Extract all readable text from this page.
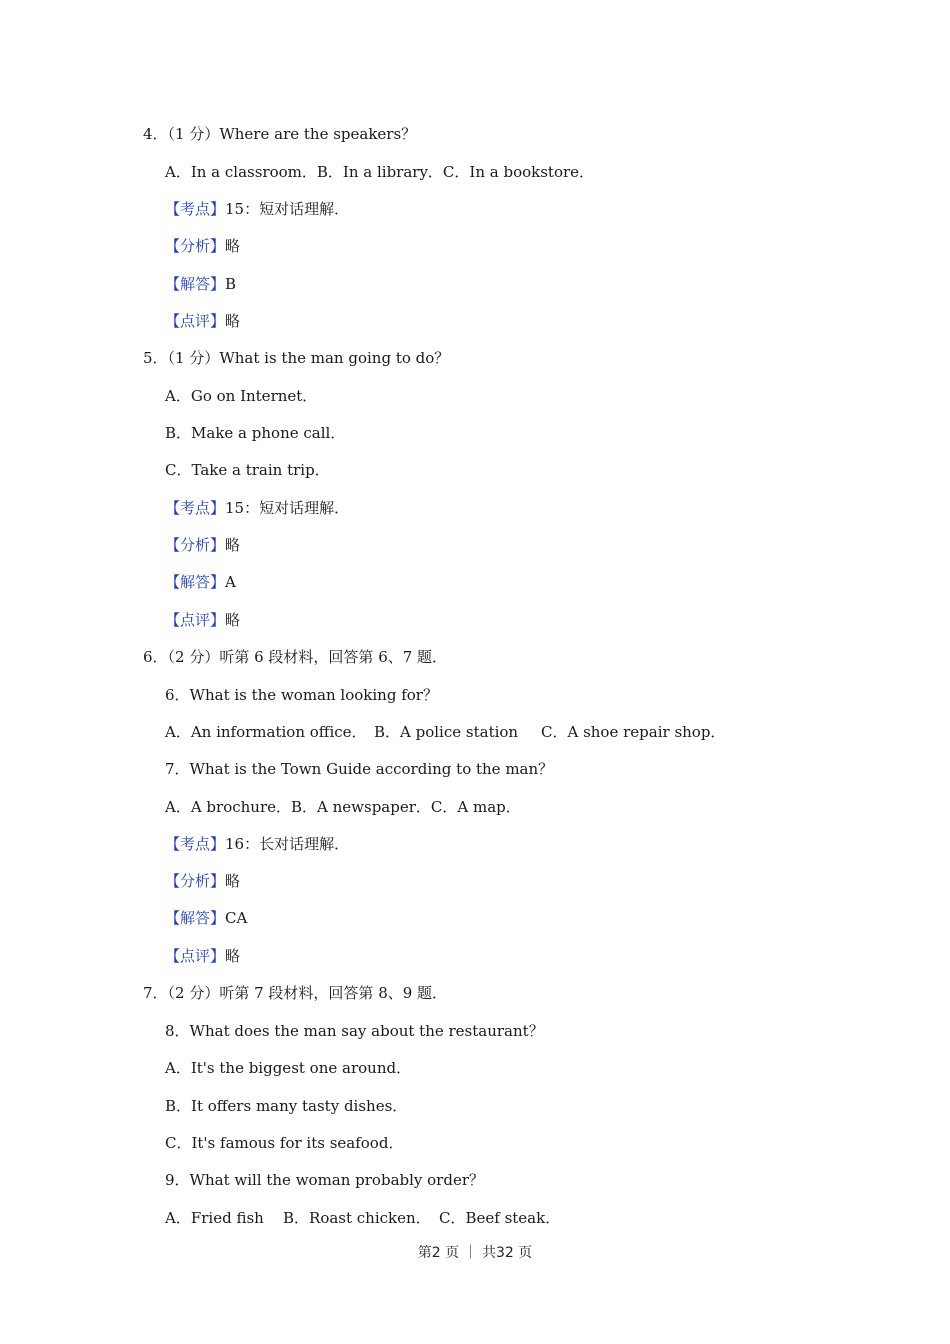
4．（1 分）Where are the speakers？
A．In a classroom．B．In a library．C．In a bookstore．
【考点】15：短对话理解．
【分析】略
【解答】B
【点评】略
5．（1 分）What is the man going to do？
A．Go on Internet．
B．Make a phone call．
C．Take a train trip．
【考点】15：短对话理解．
【分析】略
【解答】A
【点评】略
6．（2 分）听第 6 段材料，回答第 6、7 题．
6．What is the woman looking for？
A．An information office． B．A police station C．A shoe repair shop．
7．What is the Town Guide according to the man？
A．A brochure．B．A newspaper．C．A map．
【考点】16：长对话理解．
【分析】略
【解答】CA
【点评】略
7．（2 分）听第 7 段材料，回答第 8、9 题．
8．What does the man say about the restaurant？
A．It's the biggest one around．
B．It offers many tasty dishes．
C．It's famous for its seafood．
9．What will the woman probably order？
A．Fried fish B．Roast chicken． C．Beef steak．
第2 页 ｜ 共32 页
